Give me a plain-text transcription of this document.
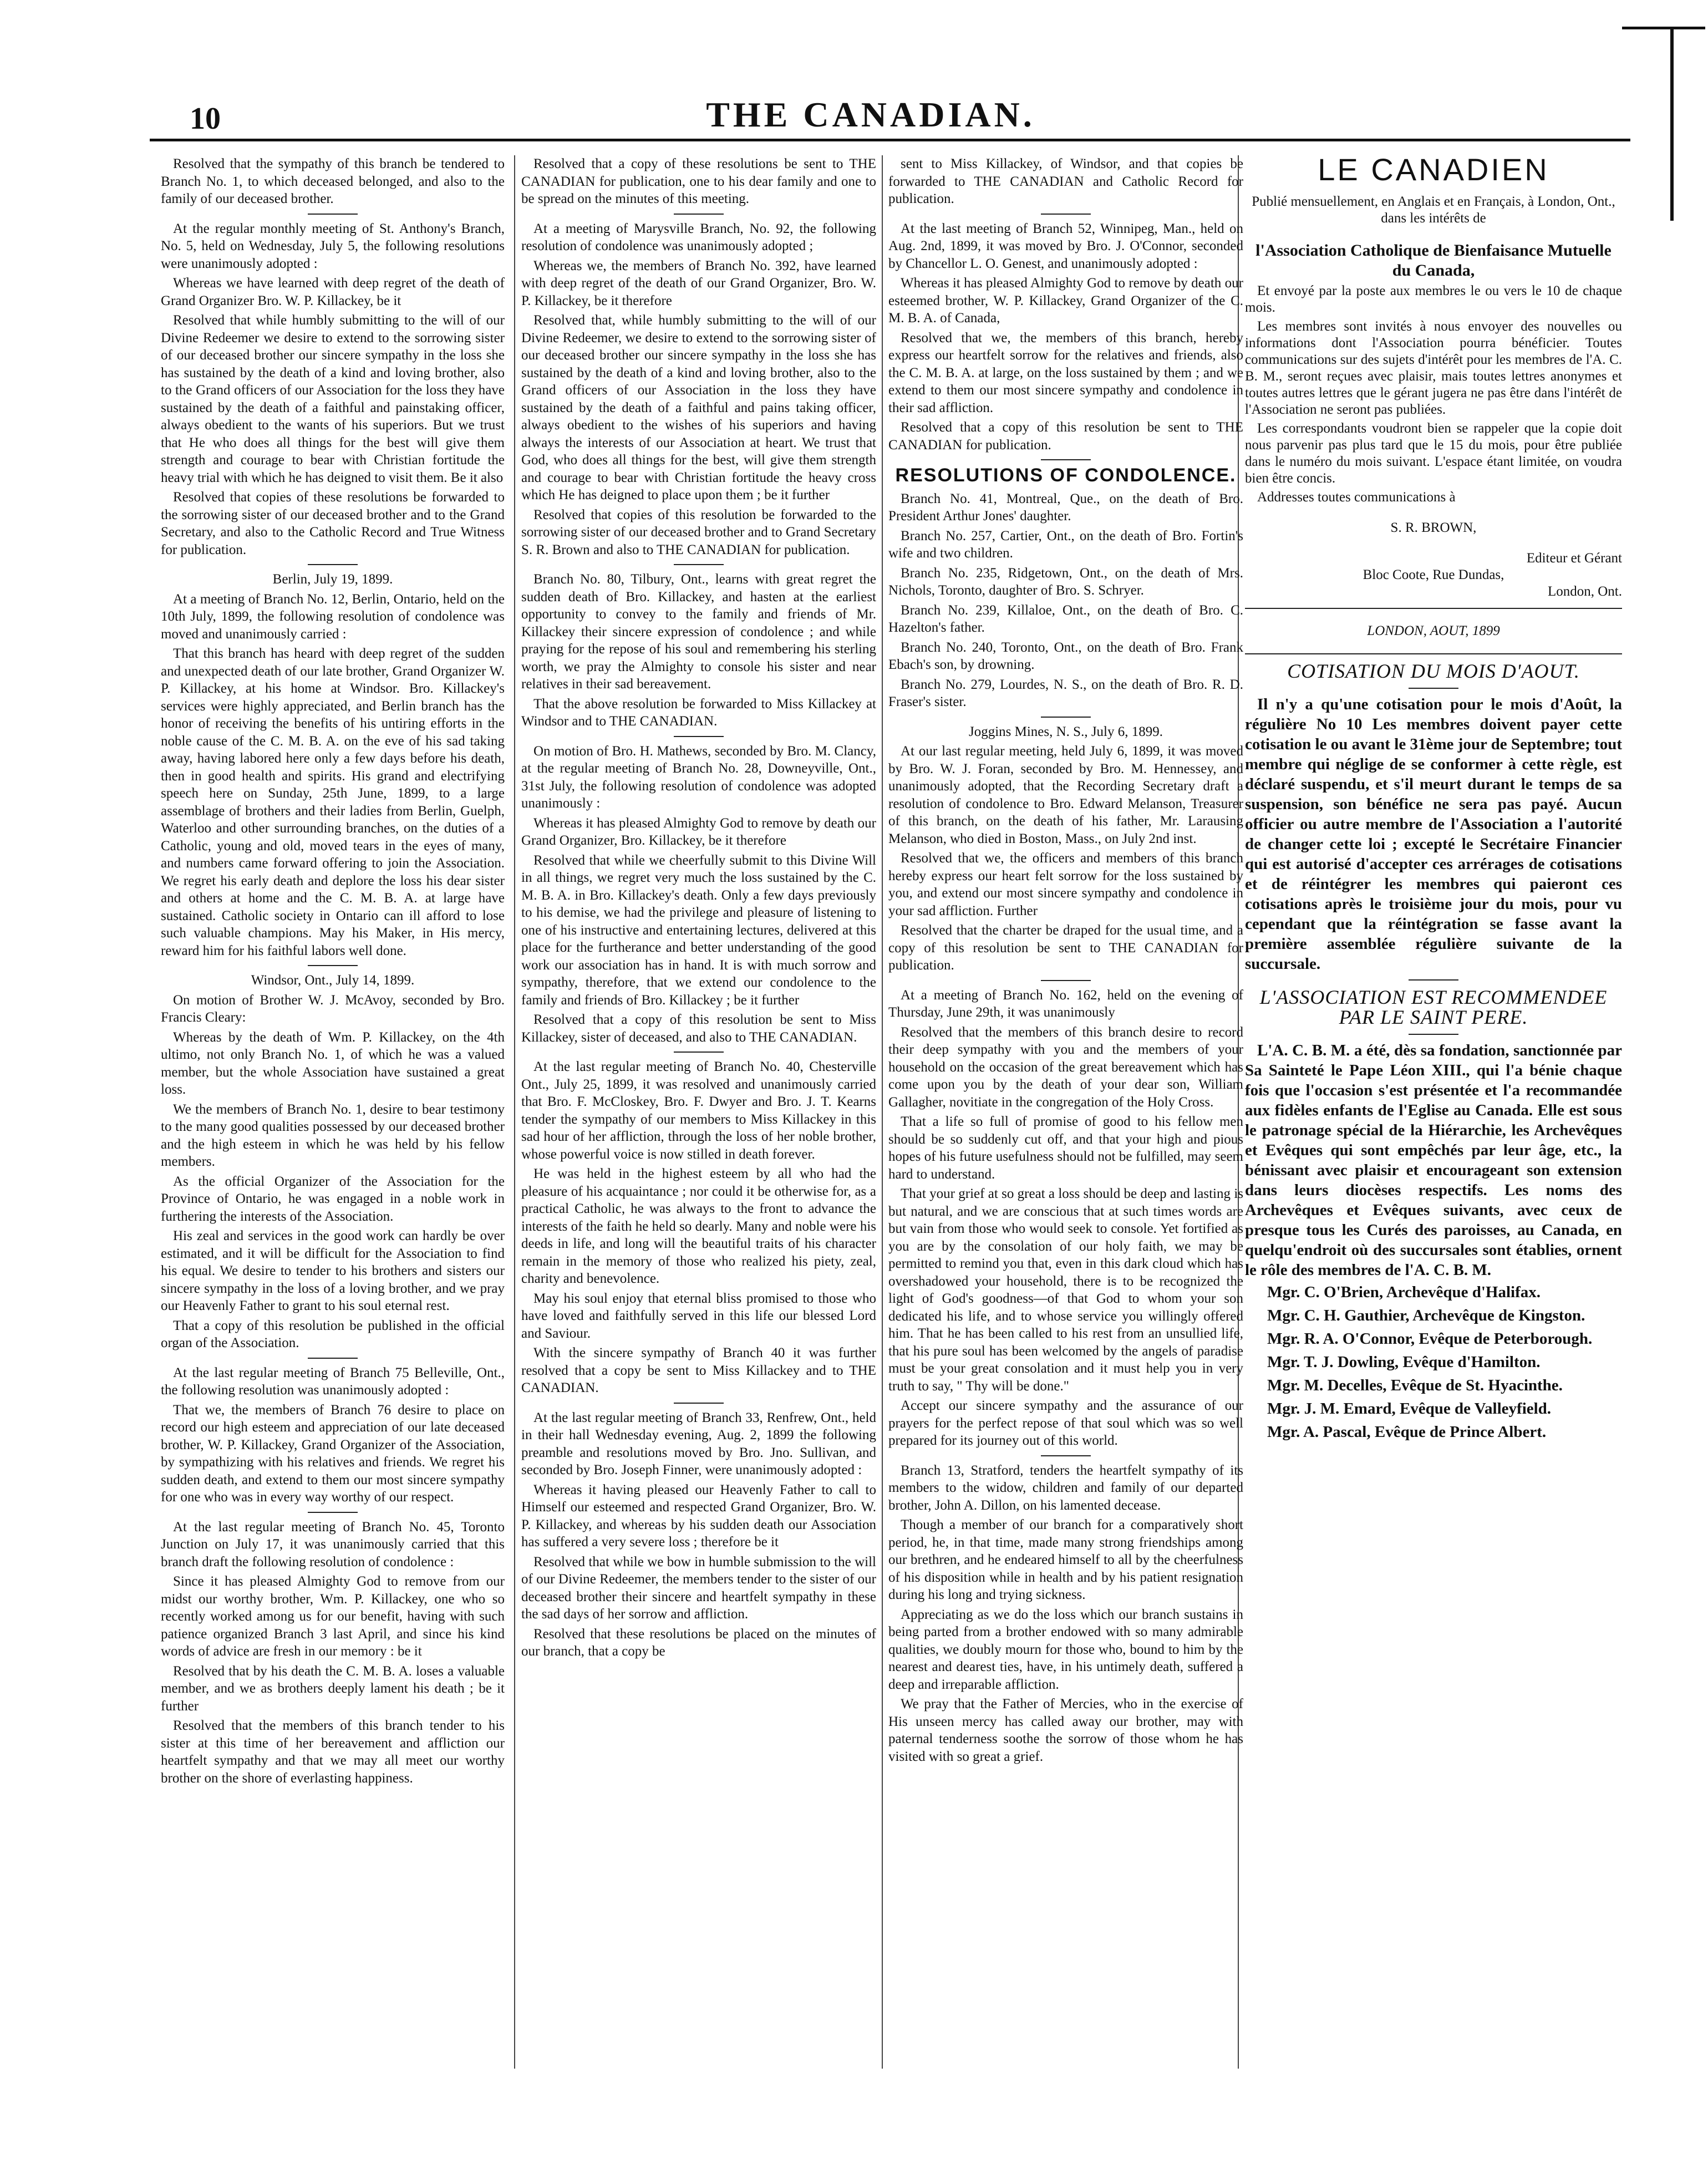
10	THE CANADIAN.

Resolved that the sympathy of this branch be tendered to Branch No. 1, to which deceased belonged, and also to the family of our deceased brother.

At the regular monthly meeting of St. Anthony's Branch, No. 5, held on Wednesday, July 5, the following resolutions were unanimously adopted :

Whereas we have learned with deep regret of the death of Grand Organizer Bro. W. P. Killackey, be it

Resolved that while humbly submitting to the will of our Divine Redeemer we desire to extend to the sorrowing sister of our deceased brother our sincere sympathy in the loss she has sustained by the death of a kind and loving brother, also to the Grand officers of our Association for the loss they have sustained by the death of a faithful and painstaking officer, always obedient to the wants of his superiors. But we trust that He who does all things for the best will give them strength and courage to bear with Christian fortitude the heavy trial with which he has deigned to visit them. Be it also

Resolved that copies of these resolutions be forwarded to the sorrowing sister of our deceased brother and to the Grand Secretary, and also to the Catholic Record and True Witness for publication.

Berlin, July 19, 1899.

At a meeting of Branch No. 12, Berlin, Ontario, held on the 10th July, 1899, the following resolution of condolence was moved and unanimously carried :

That this branch has heard with deep regret of the sudden and unexpected death of our late brother, Grand Organizer W. P. Killackey, at his home at Windsor. Bro. Killackey's services were highly appreciated, and Berlin branch has the honor of receiving the benefits of his untiring efforts in the noble cause of the C. M. B. A. on the eve of his sad taking away, having labored here only a few days before his death, then in good health and spirits. His grand and electrifying speech here on Sunday, 25th June, 1899, to a large assemblage of brothers and their ladies from Berlin, Guelph, Waterloo and other surrounding branches, on the duties of a Catholic, young and old, moved tears in the eyes of many, and numbers came forward offering to join the Association. We regret his early death and deplore the loss his dear sister and others at home and the C. M. B. A. at large have sustained. Catholic society in Ontario can ill afford to lose such valuable champions. May his Maker, in His mercy, reward him for his faithful labors well done.

Windsor, Ont., July 14, 1899.

On motion of Brother W. J. McAvoy, seconded by Bro. Francis Cleary:

Whereas by the death of Wm. P. Killackey, on the 4th ultimo, not only Branch No. 1, of which he was a valued member, but the whole Association have sustained a great loss.

We the members of Branch No. 1, desire to bear testimony to the many good qualities possessed by our deceased brother and the high esteem in which he was held by his fellow members.

As the official Organizer of the Association for the Province of Ontario, he was engaged in a noble work in furthering the interests of the Association.

His zeal and services in the good work can hardly be over estimated, and it will be difficult for the Association to find his equal. We desire to tender to his brothers and sisters our sincere sympathy in the loss of a loving brother, and we pray our Heavenly Father to grant to his soul eternal rest.

That a copy of this resolution be published in the official organ of the Association.

At the last regular meeting of Branch 75 Belleville, Ont., the following resolution was unanimously adopted :

That we, the members of Branch 76 desire to place on record our high esteem and appreciation of our late deceased brother, W. P. Killackey, Grand Organizer of the Association, by sympathizing with his relatives and friends. We regret his sudden death, and extend to them our most sincere sympathy for one who was in every way worthy of our respect.

At the last regular meeting of Branch No. 45, Toronto Junction on July 17, it was unanimously carried that this branch draft the following resolution of condolence :

Since it has pleased Almighty God to remove from our midst our worthy brother, Wm. P. Killackey, one who so recently worked among us for our benefit, having with such patience organized Branch 3 last April, and since his kind words of advice are fresh in our memory : be it

Resolved that by his death the C. M. B. A. loses a valuable member, and we as brothers deeply lament his death ; be it further

Resolved that the members of this branch tender to his sister at this time of her bereavement and affliction our heartfelt sympathy and that we may all meet our worthy brother on the shore of everlasting happiness.

Resolved that a copy of these resolutions be sent to THE CANADIAN for publication, one to his dear family and one to be spread on the minutes of this meeting.

At a meeting of Marysville Branch, No. 92, the following resolution of condolence was unanimously adopted ;

Whereas we, the members of Branch No. 392, have learned with deep regret of the death of our Grand Organizer, Bro. W. P. Killackey, be it therefore

Resolved that, while humbly submitting to the will of our Divine Redeemer, we desire to extend to the sorrowing sister of our deceased brother our sincere sympathy in the loss she has sustained by the death of a kind and loving brother, also to the Grand officers of our Association in the loss they have sustained by the death of a faithful and pains taking officer, always obedient to the wishes of his superiors and having always the interests of our Association at heart. We trust that God, who does all things for the best, will give them strength and courage to bear with Christian fortitude the heavy cross which He has deigned to place upon them ; be it further

Resolved that copies of this resolution be forwarded to the sorrowing sister of our deceased brother and to Grand Secretary S. R. Brown and also to THE CANADIAN for publication.

Branch No. 80, Tilbury, Ont., learns with great regret the sudden death of Bro. Killackey, and hasten at the earliest opportunity to convey to the family and friends of Mr. Killackey their sincere expression of condolence ; and while praying for the repose of his soul and remembering his sterling worth, we pray the Almighty to console his sister and near relatives in their sad bereavement.

That the above resolution be forwarded to Miss Killackey at Windsor and to THE CANADIAN.

On motion of Bro. H. Mathews, seconded by Bro. M. Clancy, at the regular meeting of Branch No. 28, Downeyville, Ont., 31st July, the following resolution of condolence was adopted unanimously :

Whereas it has pleased Almighty God to remove by death our Grand Organizer, Bro. Killackey, be it therefore

Resolved that while we cheerfully submit to this Divine Will in all things, we regret very much the loss sustained by the C. M. B. A. in Bro. Killackey's death. Only a few days previously to his demise, we had the privilege and pleasure of listening to one of his instructive and entertaining lectures, delivered at this place for the furtherance and better understanding of the good work our association has in hand. It is with much sorrow and sympathy, therefore, that we extend our condolence to the family and friends of Bro. Killackey ; be it further

Resolved that a copy of this resolution be sent to Miss Killackey, sister of deceased, and also to THE CANADIAN.

At the last regular meeting of Branch No. 40, Chesterville Ont., July 25, 1899, it was resolved and unanimously carried that Bro. F. McCloskey, Bro. F. Dwyer and Bro. J. T. Kearns tender the sympathy of our members to Miss Killackey in this sad hour of her affliction, through the loss of her noble brother, whose powerful voice is now stilled in death forever.

He was held in the highest esteem by all who had the pleasure of his acquaintance ; nor could it be otherwise for, as a practical Catholic, he was always to the front to advance the interests of the faith he held so dearly. Many and noble were his deeds in life, and long will the beautiful traits of his character remain in the memory of those who realized his piety, zeal, charity and benevolence.

May his soul enjoy that eternal bliss promised to those who have loved and faithfully served in this life our blessed Lord and Saviour.

With the sincere sympathy of Branch 40 it was further resolved that a copy be sent to Miss Killackey and to THE CANADIAN.

At the last regular meeting of Branch 33, Renfrew, Ont., held in their hall Wednesday evening, Aug. 2, 1899 the following preamble and resolutions moved by Bro. Jno. Sullivan, and seconded by Bro. Joseph Finner, were unanimously adopted :

Whereas it having pleased our Heavenly Father to call to Himself our esteemed and respected Grand Organizer, Bro. W. P. Killackey, and whereas by his sudden death our Association has suffered a very severe loss ; therefore be it

Resolved that while we bow in humble submission to the will of our Divine Redeemer, the members tender to the sister of our deceased brother their sincere and heartfelt sympathy in these the sad days of her sorrow and affliction.

Resolved that these resolutions be placed on the minutes of our branch, that a copy be

sent to Miss Killackey, of Windsor, and that copies be forwarded to THE CANADIAN and Catholic Record for publication.

At the last meeting of Branch 52, Winnipeg, Man., held on Aug. 2nd, 1899, it was moved by Bro. J. O'Connor, seconded by Chancellor L. O. Genest, and unanimously adopted :

Whereas it has pleased Almighty God to remove by death our esteemed brother, W. P. Killackey, Grand Organizer of the C. M. B. A. of Canada,

Resolved that we, the members of this branch, hereby express our heartfelt sorrow for the relatives and friends, also the C. M. B. A. at large, on the loss sustained by them ; and we extend to them our most sincere sympathy and condolence in their sad affliction.

Resolved that a copy of this resolution be sent to THE CANADIAN for publication.

RESOLUTIONS OF CONDOLENCE.

Branch No. 41, Montreal, Que., on the death of Bro. President Arthur Jones' daughter.

Branch No. 257, Cartier, Ont., on the death of Bro. Fortin's wife and two children.

Branch No. 235, Ridgetown, Ont., on the death of Mrs. Nichols, Toronto, daughter of Bro. S. Schryer.

Branch No. 239, Killaloe, Ont., on the death of Bro. C. Hazelton's father.

Branch No. 240, Toronto, Ont., on the death of Bro. Frank Ebach's son, by drowning.

Branch No. 279, Lourdes, N. S., on the death of Bro. R. D. Fraser's sister.

Joggins Mines, N. S., July 6, 1899.

At our last regular meeting, held July 6, 1899, it was moved by Bro. W. J. Foran, seconded by Bro. M. Hennessey, and unanimously adopted, that the Recording Secretary draft a resolution of condolence to Bro. Edward Melanson, Treasurer of this branch, on the death of his father, Mr. Larausing Melanson, who died in Boston, Mass., on July 2nd inst.

Resolved that we, the officers and members of this branch hereby express our heart felt sorrow for the loss sustained by you, and extend our most sincere sympathy and condolence in your sad affliction. Further

Resolved that the charter be draped for the usual time, and a copy of this resolution be sent to THE CANADIAN for publication.

At a meeting of Branch No. 162, held on the evening of Thursday, June 29th, it was unanimously

Resolved that the members of this branch desire to record their deep sympathy with you and the members of your household on the occasion of the great bereavement which has come upon you by the death of your dear son, William Gallagher, novitiate in the congregation of the Holy Cross.

That a life so full of promise of good to his fellow men should be so suddenly cut off, and that your high and pious hopes of his future usefulness should not be fulfilled, may seem hard to understand.

That your grief at so great a loss should be deep and lasting is but natural, and we are conscious that at such times words are but vain from those who would seek to console. Yet fortified as you are by the consolation of our holy faith, we may be permitted to remind you that, even in this dark cloud which has overshadowed your household, there is to be recognized the light of God's goodness—of that God to whom your son dedicated his life, and to whose service you willingly offered him. That he has been called to his rest from an unsullied life, that his pure soul has been welcomed by the angels of paradise must be your great consolation and it must help you in very truth to say, " Thy will be done."

Accept our sincere sympathy and the assurance of our prayers for the perfect repose of that soul which was so well prepared for its journey out of this world.

Branch 13, Stratford, tenders the heartfelt sympathy of its members to the widow, children and family of our departed brother, John A. Dillon, on his lamented decease.

Though a member of our branch for a comparatively short period, he, in that time, made many strong friendships among our brethren, and he endeared himself to all by the cheerfulness of his disposition while in health and by his patient resignation during his long and trying sickness.

Appreciating as we do the loss which our branch sustains in being parted from a brother endowed with so many admirable qualities, we doubly mourn for those who, bound to him by the nearest and dearest ties, have, in his untimely death, suffered a deep and irreparable affliction.

We pray that the Father of Mercies, who in the exercise of His unseen mercy has called away our brother, may with paternal tenderness soothe the sorrow of those whom he has visited with so great a grief.

LE CANADIEN

Publié mensuellement, en Anglais et en Français, à London, Ont., dans les intérêts de

l'Association Catholique de Bienfaisance Mutuelle du Canada,

Et envoyé par la poste aux membres le ou vers le 10 de chaque mois.

Les membres sont invités à nous envoyer des nouvelles ou informations dont l'Association pourra bénéficier. Toutes communications sur des sujets d'intérêt pour les membres de l'A. C. B. M., seront reçues avec plaisir, mais toutes lettres anonymes et toutes autres lettres que le gérant jugera ne pas être dans l'intérêt de l'Association ne seront pas publiées.

Les correspondants voudront bien se rappeler que la copie doit nous parvenir pas plus tard que le 15 du mois, pour être publiée dans le numéro du mois suivant. L'espace étant limitée, on voudra bien être concis.

Addresses toutes communications à

S. R. BROWN,

Editeur et Gérant

Bloc Coote, Rue Dundas,

London, Ont.

LONDON, AOUT, 1899

COTISATION DU MOIS D'AOUT.

Il n'y a qu'une cotisation pour le mois d'Août, la régulière No 10 Les membres doivent payer cette cotisation le ou avant le 31ème jour de Septembre; tout membre qui néglige de se conformer à cette règle, est déclaré suspendu, et s'il meurt durant le temps de sa suspension, son bénéfice ne sera pas payé. Aucun officier ou autre membre de l'Association a l'autorité de changer cette loi ; excepté le Secrétaire Financier qui est autorisé d'accepter ces arrérages de cotisations et de réintégrer les membres qui paieront ces cotisations après le troisième jour du mois, pour vu cependant que la réintégration se fasse avant la première assemblée régulière suivante de la succursale.

L'ASSOCIATION EST RECOMMENDEE PAR LE SAINT PERE.

L'A. C. B. M. a été, dès sa fondation, sanctionnée par Sa Sainteté le Pape Léon XIII., qui l'a bénie chaque fois que l'occasion s'est présentée et l'a recommandée aux fidèles enfants de l'Eglise au Canada. Elle est sous le patronage spécial de la Hiérarchie, les Archevêques et Evêques qui sont empêchés par leur âge, etc., la bénissant avec plaisir et encourageant son extension dans leurs diocèses respectifs. Les noms des Archevêques et Evêques suivants, avec ceux de presque tous les Curés des paroisses, au Canada, en quelqu'endroit où des succursales sont établies, ornent le rôle des membres de l'A. C. B. M.

Mgr. C. O'Brien, Archevêque d'Halifax.

Mgr. C. H. Gauthier, Archevêque de Kingston.

Mgr. R. A. O'Connor, Evêque de Peterborough.

Mgr. T. J. Dowling, Evêque d'Hamilton.

Mgr. M. Decelles, Evêque de St. Hyacinthe.

Mgr. J. M. Emard, Evêque de Valleyfield.

Mgr. A. Pascal, Evêque de Prince Albert.
